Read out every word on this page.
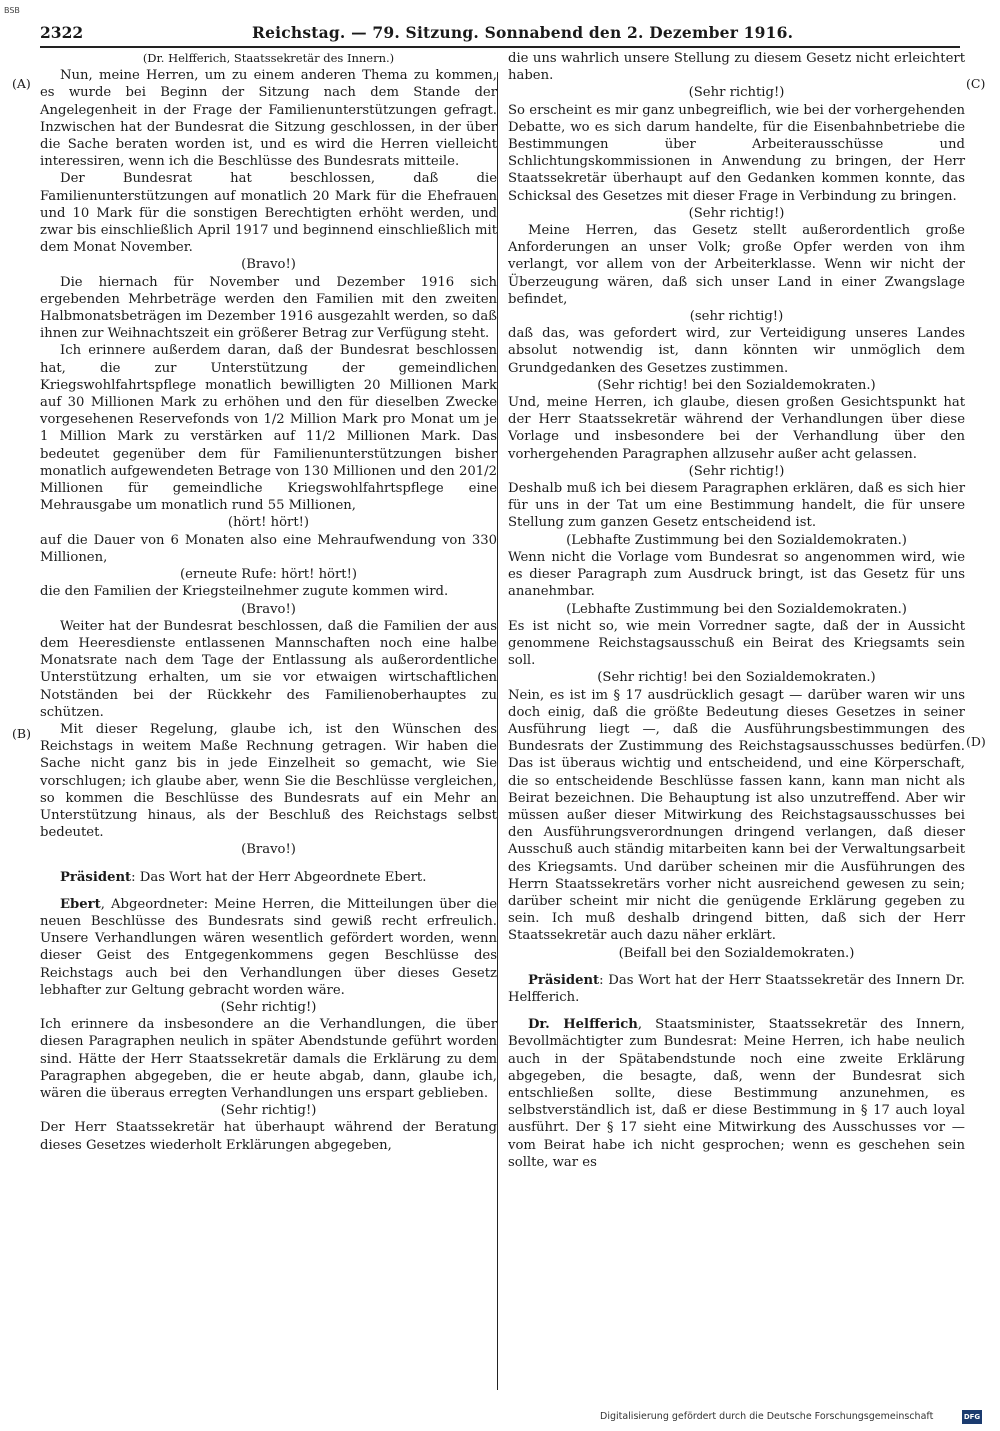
BSB
2322	Reichstag. — 79. Sitzung. Sonnabend den 2. Dezember 1916.
(A)
(B)
(C)
(D)

(Dr. Helfferich, Staatssekretär des Innern.)

Nun, meine Herren, um zu einem anderen Thema zu kommen, es wurde bei Beginn der Sitzung nach dem Stande der Angelegenheit in der Frage der Familienunterstützungen gefragt. Inzwischen hat der Bundesrat die Sitzung geschlossen, in der über die Sache beraten worden ist, und es wird die Herren vielleicht interessiren, wenn ich die Beschlüsse des Bundesrats mitteile.

Der Bundesrat hat beschlossen, daß die Familienunterstützungen auf monatlich 20 Mark für die Ehefrauen und 10 Mark für die sonstigen Berechtigten erhöht werden, und zwar bis einschließlich April 1917 und beginnend einschließlich mit dem Monat November.

(Bravo!)

Die hiernach für November und Dezember 1916 sich ergebenden Mehrbeträge werden den Familien mit den zweiten Halbmonatsbeträgen im Dezember 1916 ausgezahlt werden, so daß ihnen zur Weihnachtszeit ein größerer Betrag zur Verfügung steht.

Ich erinnere außerdem daran, daß der Bundesrat beschlossen hat, die zur Unterstützung der gemeindlichen Kriegswohlfahrtspflege monatlich bewilligten 20 Millionen Mark auf 30 Millionen Mark zu erhöhen und den für dieselben Zwecke vorgesehenen Reservefonds von 1/2 Million Mark pro Monat um je 1 Million Mark zu verstärken auf 11/2 Millionen Mark. Das bedeutet gegenüber dem für Familienunterstützungen bisher monatlich aufgewendeten Betrage von 130 Millionen und den 201/2 Millionen für gemeindliche Kriegswohlfahrtspflege eine Mehrausgabe um monatlich rund 55 Millionen,

(hört! hört!)

auf die Dauer von 6 Monaten also eine Mehraufwendung von 330 Millionen,

(erneute Rufe: hört! hört!)

die den Familien der Kriegsteilnehmer zugute kommen wird.

(Bravo!)

Weiter hat der Bundesrat beschlossen, daß die Familien der aus dem Heeresdienste entlassenen Mannschaften noch eine halbe Monatsrate nach dem Tage der Entlassung als außerordentliche Unterstützung erhalten, um sie vor etwaigen wirtschaftlichen Notständen bei der Rückkehr des Familienoberhauptes zu schützen.

Mit dieser Regelung, glaube ich, ist den Wünschen des Reichstags in weitem Maße Rechnung getragen. Wir haben die Sache nicht ganz bis in jede Einzelheit so gemacht, wie Sie vorschlugen; ich glaube aber, wenn Sie die Beschlüsse vergleichen, so kommen die Beschlüsse des Bundesrats auf ein Mehr an Unterstützung hinaus, als der Beschluß des Reichstags selbst bedeutet.

(Bravo!)

Präsident: Das Wort hat der Herr Abgeordnete Ebert.

Ebert, Abgeordneter: Meine Herren, die Mitteilungen über die neuen Beschlüsse des Bundesrats sind gewiß recht erfreulich. Unsere Verhandlungen wären wesentlich gefördert worden, wenn dieser Geist des Entgegenkommens gegen Beschlüsse des Reichstags auch bei den Verhandlungen über dieses Gesetz lebhafter zur Geltung gebracht worden wäre.

(Sehr richtig!)

Ich erinnere da insbesondere an die Verhandlungen, die über diesen Paragraphen neulich in später Abendstunde geführt worden sind. Hätte der Herr Staatssekretär damals die Erklärung zu dem Paragraphen abgegeben, die er heute abgab, dann, glaube ich, wären die überaus erregten Verhandlungen uns erspart geblieben.

(Sehr richtig!)

Der Herr Staatssekretär hat überhaupt während der Beratung dieses Gesetzes wiederholt Erklärungen abgegeben,

die uns wahrlich unsere Stellung zu diesem Gesetz nicht erleichtert haben.

(Sehr richtig!)

So erscheint es mir ganz unbegreiflich, wie bei der vorhergehenden Debatte, wo es sich darum handelte, für die Eisenbahnbetriebe die Bestimmungen über Arbeiterausschüsse und Schlichtungskommissionen in Anwendung zu bringen, der Herr Staatssekretär überhaupt auf den Gedanken kommen konnte, das Schicksal des Gesetzes mit dieser Frage in Verbindung zu bringen.

(Sehr richtig!)

Meine Herren, das Gesetz stellt außerordentlich große Anforderungen an unser Volk; große Opfer werden von ihm verlangt, vor allem von der Arbeiterklasse. Wenn wir nicht der Überzeugung wären, daß sich unser Land in einer Zwangslage befindet,

(sehr richtig!)

daß das, was gefordert wird, zur Verteidigung unseres Landes absolut notwendig ist, dann könnten wir unmöglich dem Grundgedanken des Gesetzes zustimmen.

(Sehr richtig! bei den Sozialdemokraten.)

Und, meine Herren, ich glaube, diesen großen Gesichtspunkt hat der Herr Staatssekretär während der Verhandlungen über diese Vorlage und insbesondere bei der Verhandlung über den vorhergehenden Paragraphen allzusehr außer acht gelassen.

(Sehr richtig!)

Deshalb muß ich bei diesem Paragraphen erklären, daß es sich hier für uns in der Tat um eine Bestimmung handelt, die für unsere Stellung zum ganzen Gesetz entscheidend ist.

(Lebhafte Zustimmung bei den Sozialdemokraten.)

Wenn nicht die Vorlage vom Bundesrat so angenommen wird, wie es dieser Paragraph zum Ausdruck bringt, ist das Gesetz für uns ananehmbar.

(Lebhafte Zustimmung bei den Sozialdemokraten.)

Es ist nicht so, wie mein Vorredner sagte, daß der in Aussicht genommene Reichstagsausschuß ein Beirat des Kriegsamts sein soll.

(Sehr richtig! bei den Sozialdemokraten.)

Nein, es ist im § 17 ausdrücklich gesagt — darüber waren wir uns doch einig, daß die größte Bedeutung dieses Gesetzes in seiner Ausführung liegt —, daß die Ausführungsbestimmungen des Bundesrats der Zustimmung des Reichstagsausschusses bedürfen. Das ist überaus wichtig und entscheidend, und eine Körperschaft, die so entscheidende Beschlüsse fassen kann, kann man nicht als Beirat bezeichnen. Die Behauptung ist also unzutreffend. Aber wir müssen außer dieser Mitwirkung des Reichstagsausschusses bei den Ausführungsverordnungen dringend verlangen, daß dieser Ausschuß auch ständig mitarbeiten kann bei der Verwaltungsarbeit des Kriegsamts. Und darüber scheinen mir die Ausführungen des Herrn Staatssekretärs vorher nicht ausreichend gewesen zu sein; darüber scheint mir nicht die genügende Erklärung gegeben zu sein. Ich muß deshalb dringend bitten, daß sich der Herr Staatssekretär auch dazu näher erklärt.

(Beifall bei den Sozialdemokraten.)

Präsident: Das Wort hat der Herr Staatssekretär des Innern Dr. Helfferich.

Dr. Helfferich, Staatsminister, Staatssekretär des Innern, Bevollmächtigter zum Bundesrat: Meine Herren, ich habe neulich auch in der Spätabendstunde noch eine zweite Erklärung abgegeben, die besagte, daß, wenn der Bundesrat sich entschließen sollte, diese Bestimmung anzunehmen, es selbstverständlich ist, daß er diese Bestimmung in § 17 auch loyal ausführt. Der § 17 sieht eine Mitwirkung des Ausschusses vor — vom Beirat habe ich nicht gesprochen; wenn es geschehen sein sollte, war es

Digitalisierung gefördert durch die Deutsche Forschungsgemeinschaft	DFG
